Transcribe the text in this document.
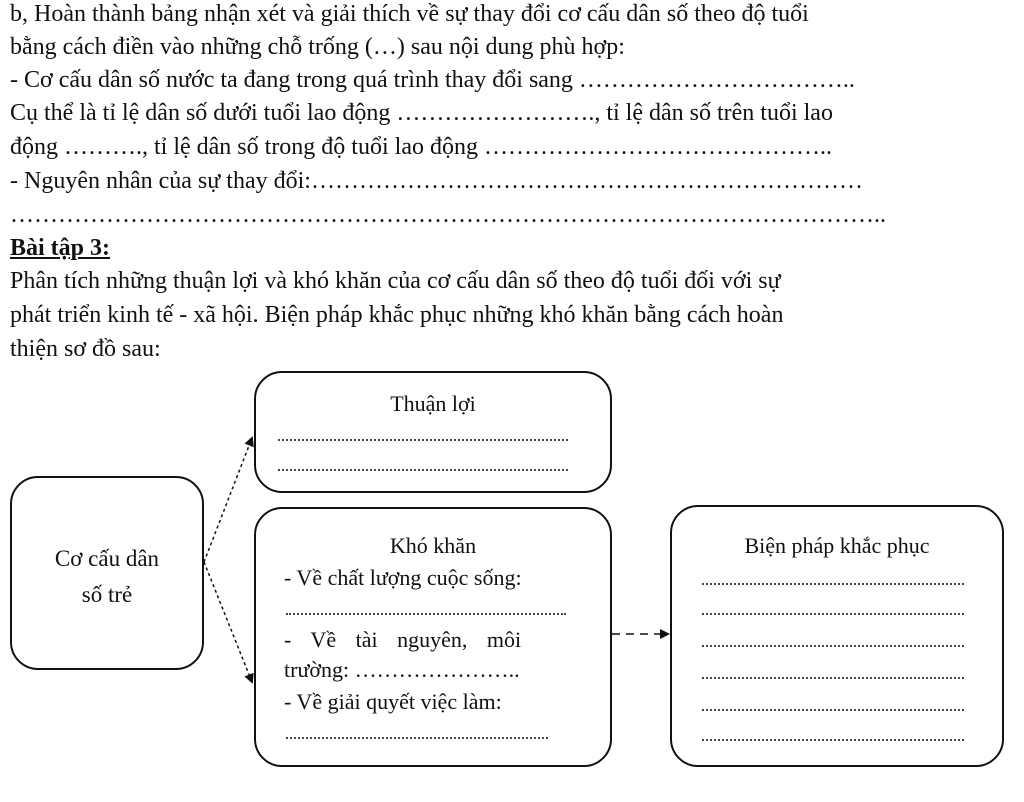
b, Hoàn thành bảng nhận xét và giải thích về sự thay đổi cơ cấu dân số theo độ tuổi

bằng cách điền vào những chỗ trống (…) sau nội dung phù hợp:

- Cơ cấu dân số nước ta đang trong quá trình thay đổi sang ……………………………..

Cụ thể là tỉ lệ dân số dưới tuổi lao động ……………………., tỉ lệ dân số trên tuổi lao

động ………., tỉ lệ dân số trong độ tuổi lao động ……………………………………..

- Nguyên nhân của sự thay đổi:……………………………………………………………

………………………………………………………………………………………………..

Bài tập 3:

Phân tích những thuận lợi và khó khăn của cơ cấu dân số theo độ tuổi đối với sự

phát triển kinh tế - xã hội. Biện pháp khắc phục những khó khăn bằng cách hoàn

thiện sơ đồ sau:

Cơ cấu dân

số trẻ

Thuận lợi

Khó khăn

- Về chất lượng cuộc sống:

- Về tài nguyên, môi

trường: …………………..

- Về giải quyết việc làm:

Biện pháp khắc phục
